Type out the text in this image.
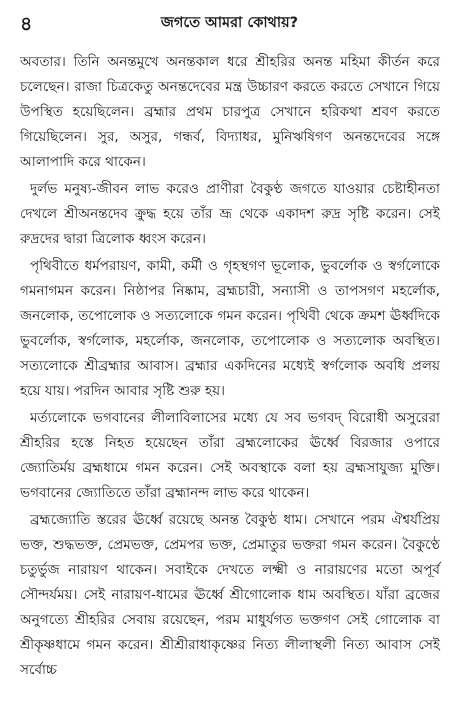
৪	জগতে আমরা কোথায়?

অবতার। তিনি অনন্তমুখে অনন্তকাল ধরে শ্রীহরির অনন্ত মহিমা কীর্তন করে চলেছেন। রাজা চিত্রকেতু অনন্তদেবের মন্ত্র উচ্চারণ করতে করতে সেখানে গিয়ে উপস্থিত হয়েছিলেন। ব্রহ্মার প্রথম চারপুত্র সেখানে হরিকথা শ্রবণ করতে গিয়েছিলেন। সুর, অসুর, গন্ধর্ব, বিদ্যাধর, মুনিঋষিগণ অনন্তদেবের সঙ্গে আলাপাদি করে থাকেন।

দুর্লভ মনুষ্য-জীবন লাভ করেও প্রাণীরা বৈকুণ্ঠ জগতে যাওয়ার চেষ্টাহীনতা দেখলে শ্রীঅনন্তদেব ক্রুদ্ধ হয়ে তাঁর ভ্রূ থেকে একাদশ রুদ্র সৃষ্টি করেন। সেই রুদ্রদের দ্বারা ত্রিলোক ধ্বংস করেন।

পৃথিবীতে ধর্মপরায়ণ, কামী, কর্মী ও গৃহস্থগণ ভূলোক, ভুবর্লোক ও স্বর্গলোকে গমনাগমন করেন। নিষ্ঠাপর নিষ্কাম, ব্রহ্মচারী, সন্যাসী ও তাপসগণ মহর্লোক, জনলোক, তপোলোক ও সত্যলোকে গমন করেন। পৃথিবী থেকে ক্রমশ ঊর্ধ্বদিকে ভুবর্লোক, স্বর্গলোক, মহর্লোক, জনলোক, তপোলোক ও সত্যলোক অবস্থিত। সত্যলোকে শ্রীব্রহ্মার আবাস। ব্রহ্মার একদিনের মধ্যেই স্বর্গলোক অবধি প্রলয় হয়ে যায়। পরদিন আবার সৃষ্টি শুরু হয়।

মর্ত্যলোকে ভগবানের লীলাবিলাসের মধ্যে যে সব ভগবদ্ বিরোধী অসুরেরা শ্রীহরির হস্তে নিহত হয়েছেন তাঁরা ব্রহ্মলোকের ঊর্ধ্বে বিরজার ওপারে জ্যোতির্ময় ব্রহ্মধামে গমন করেন। সেই অবস্থাকে বলা হয় ব্রহ্মসাযুজ্য মুক্তি। ভগবানের জ্যোতিতে তাঁরা ব্রহ্মানন্দ লাভ করে থাকেন।

ব্রহ্মজ্যোতি স্তরের ঊর্ধ্বে রয়েছে অনন্ত বৈকুণ্ঠ ধাম। সেখানে পরম ঐশ্বর্যপ্রিয় ভক্ত, শুদ্ধভক্ত, প্রেমভক্ত, প্রেমপর ভক্ত, প্রেমাতুর ভক্তরা গমন করেন। বৈকুণ্ঠে চতুর্ভুজ নারায়ণ থাকেন। সবাইকে দেখতে লক্ষ্মী ও নারায়ণের মতো অপূর্ব সৌন্দর্যময়। সেই নারায়ণ-ধামের ঊর্ধ্বে শ্রীগোলোক ধাম অবস্থিত। যাঁরা ব্রজের অনুগত্যে শ্রীহরির সেবায় রয়েছেন, পরম মাধুর্যগত ভক্তগণ সেই গোলোক বা শ্রীকৃষ্ণধামে গমন করেন। শ্রীশ্রীরাধাকৃষ্ণের নিত্য লীলাস্থলী নিত্য আবাস সেই সর্বোচ্চ
